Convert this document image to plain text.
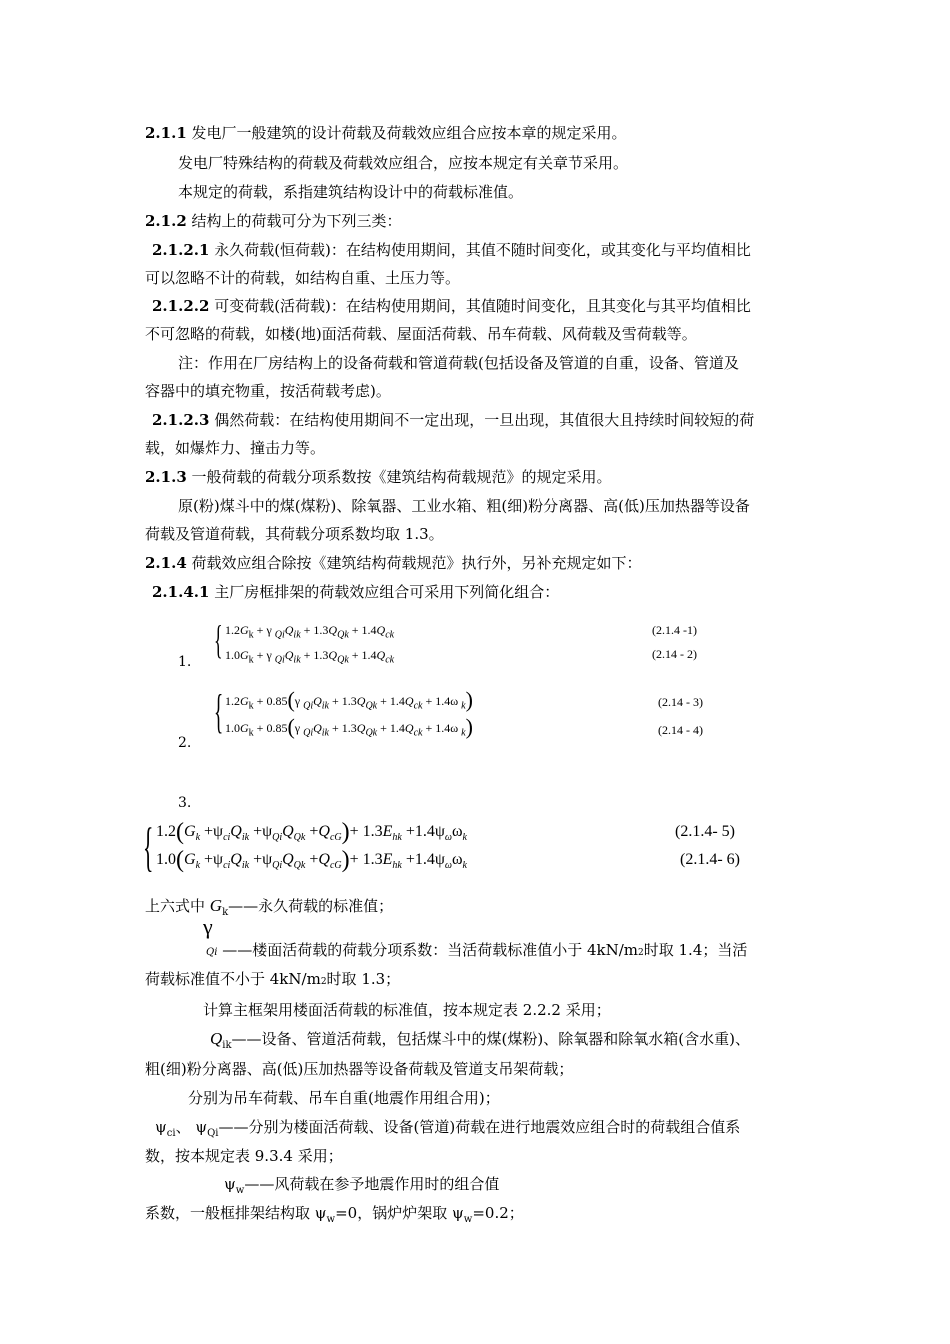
2.1.1 发电厂一般建筑的设计荷载及荷载效应组合应按本章的规定采用。
发电厂特殊结构的荷载及荷载效应组合，应按本规定有关章节采用。
本规定的荷载，系指建筑结构设计中的荷载标准值。
2.1.2 结构上的荷载可分为下列三类：
2.1.2.1 永久荷载(恒荷载)：在结构使用期间，其值不随时间变化，或其变化与平均值相比
可以忽略不计的荷载，如结构自重、土压力等。
2.1.2.2 可变荷载(活荷载)：在结构使用期间，其值随时间变化，且其变化与其平均值相比
不可忽略的荷载，如楼(地)面活荷载、屋面活荷载、吊车荷载、风荷载及雪荷载等。
注：作用在厂房结构上的设备荷载和管道荷载(包括设备及管道的自重，设备、管道及
容器中的填充物重，按活荷载考虑)。
2.1.2.3 偶然荷载：在结构使用期间不一定出现，一旦出现，其值很大且持续时间较短的荷
载，如爆炸力、撞击力等。
2.1.3 一般荷载的荷载分项系数按《建筑结构荷载规范》的规定采用。
原(粉)煤斗中的煤(煤粉)、除氧器、工业水箱、粗(细)粉分离器、高(低)压加热器等设备
荷载及管道荷载，其荷载分项系数均取 1.3。
2.1.4 荷载效应组合除按《建筑结构荷载规范》执行外，另补充规定如下：
2.1.4.1 主厂房框排架的荷载效应组合可采用下列简化组合：
{ $1.2G_k + \gamma$ $_{Qi}Q_{ik} + 1.3Q_{Qk} + 1.4Q_{ck}$	(2.1.4 -1)
$1.0G_k + \gamma$ $_{Qi}Q_{ik} + 1.3Q_{Qk} + 1.4Q_{ck}$	(2.14 - 2)
1.
{ $1.2G_k + 0.85(\gamma$ $_{Qi}Q_{ik} + 1.3Q_{Qk} + 1.4Q_{ck} + 1.4\omega$ $_k$)	(2.14 - 3)
$1.0G_k + 0.85(\gamma$ $_{Qi}Q_{ik} + 1.3Q_{Qk} + 1.4Q_{ck} + 1.4\omega$ $_k$)	(2.14 - 4)
2.
3.
{ $1.2(G_k +\psi_{ci}Q_{ik} +\psi_{Qi}Q_{Qk} +Q_{cG})+ 1.3E_{hk} +1.4\psi_\omega\omega_k$	(2.1.4- 5)
$1.0(G_k +\psi_{ci}Q_{ik} +\psi_{Qi}Q_{Qk} +Q_{cG})+ 1.3E_{hk} +1.4\psi_\omega\omega_k$	(2.1.4- 6)
上六式中 $G_k——$永久荷载的标准值；
γ
Qi ——楼面活荷载的荷载分项系数：当活荷载标准值小于 4kN/m2时取 1.4；当活
荷载标准值不小于 4kN/m2时取 1.3；
计算主框架用楼面活荷载的标准值，按本规定表 2.2.2 采用；
$Q_{ik}——$设备、管道活荷载，包括煤斗中的煤(煤粉)、除氧器和除氧水箱(含水重)、
粗(细)粉分离器、高(低)压加热器等设备荷载及管道支吊架荷载；
分别为吊车荷载、吊车自重(地震作用组合用)；
$\psi_{ci}$、 $\psi_{Qi}——$分别为楼面活荷载、设备(管道)荷载在进行地震效应组合时的荷载组合值系
数，按本规定表 9.3.4 采用；
$\psi_w——$风荷载在参予地震作用时的组合值
系数，一般框排架结构取 $\psi_w=0$，锅炉炉架取 $\psi_w=0.2$；
